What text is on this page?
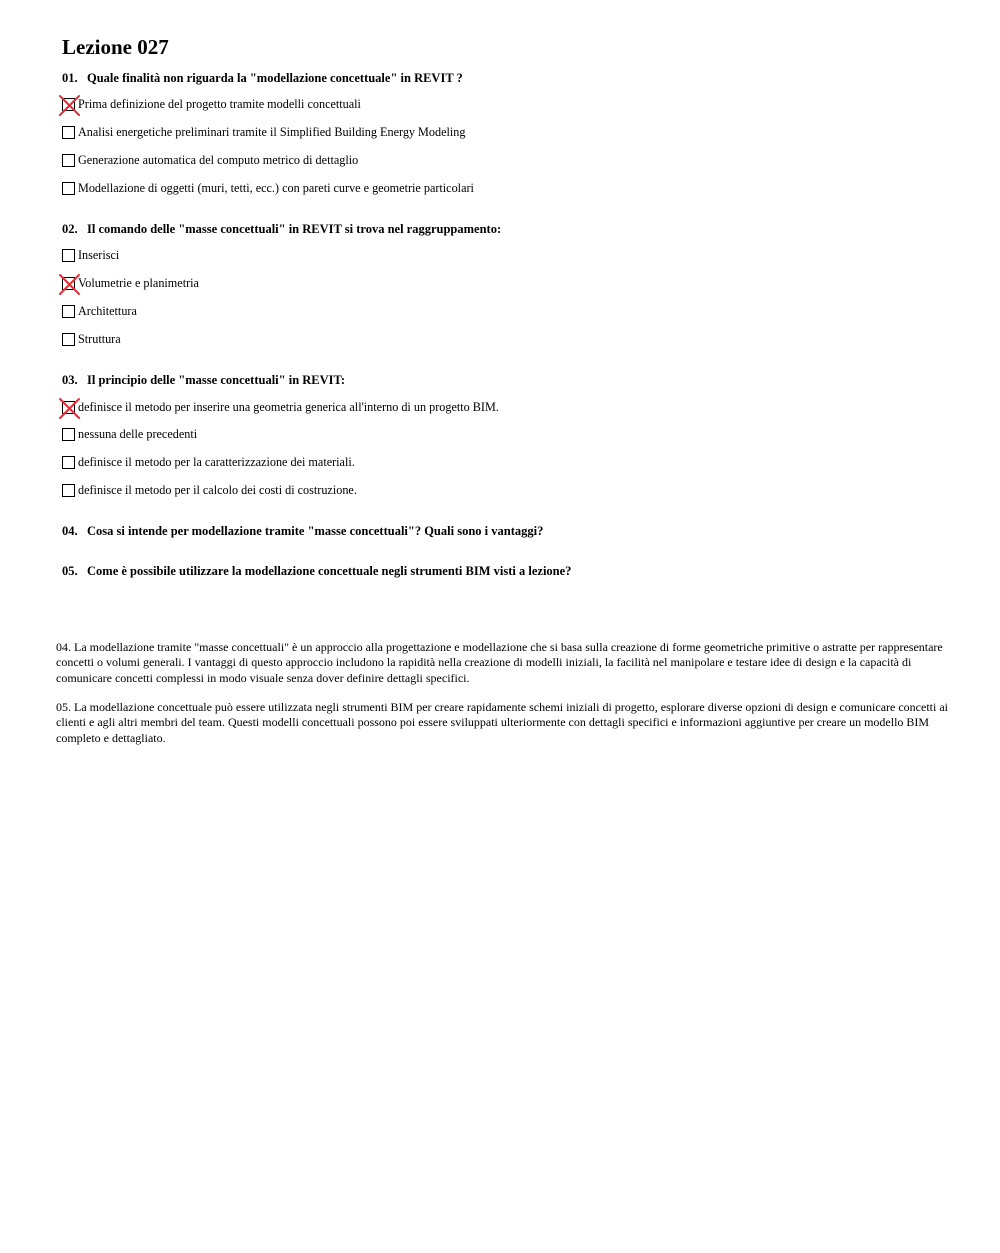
Lezione 027
01. Quale finalità non riguarda la "modellazione concettuale" in REVIT ?
Prima definizione del progetto tramite modelli concettuali
Analisi energetiche preliminari tramite il Simplified Building Energy Modeling
Generazione automatica del computo metrico di dettaglio
Modellazione di oggetti (muri, tetti, ecc.) con pareti curve e geometrie particolari
02. Il comando delle "masse concettuali" in REVIT si trova nel raggruppamento:
Inserisci
Volumetrie e planimetria
Architettura
Struttura
03. Il principio delle "masse concettuali" in REVIT:
definisce il metodo per inserire una geometria generica all'interno di un progetto BIM.
nessuna delle precedenti
definisce il metodo per la caratterizzazione dei materiali.
definisce il metodo per il calcolo dei costi di costruzione.
04. Cosa si intende per modellazione tramite "masse concettuali"? Quali sono i vantaggi?
05. Come è possibile utilizzare la modellazione concettuale negli strumenti BIM visti a lezione?

04. La modellazione tramite "masse concettuali" è un approccio alla progettazione e modellazione che si basa sulla creazione di forme geometriche primitive o astratte per rappresentare concetti o volumi generali. I vantaggi di questo approccio includono la rapidità nella creazione di modelli iniziali, la facilità nel manipolare e testare idee di design e la capacità di comunicare concetti complessi in modo visuale senza dover definire dettagli specifici.

05. La modellazione concettuale può essere utilizzata negli strumenti BIM per creare rapidamente schemi iniziali di progetto, esplorare diverse opzioni di design e comunicare concetti ai clienti e agli altri membri del team. Questi modelli concettuali possono poi essere sviluppati ulteriormente con dettagli specifici e informazioni aggiuntive per creare un modello BIM completo e dettagliato.
